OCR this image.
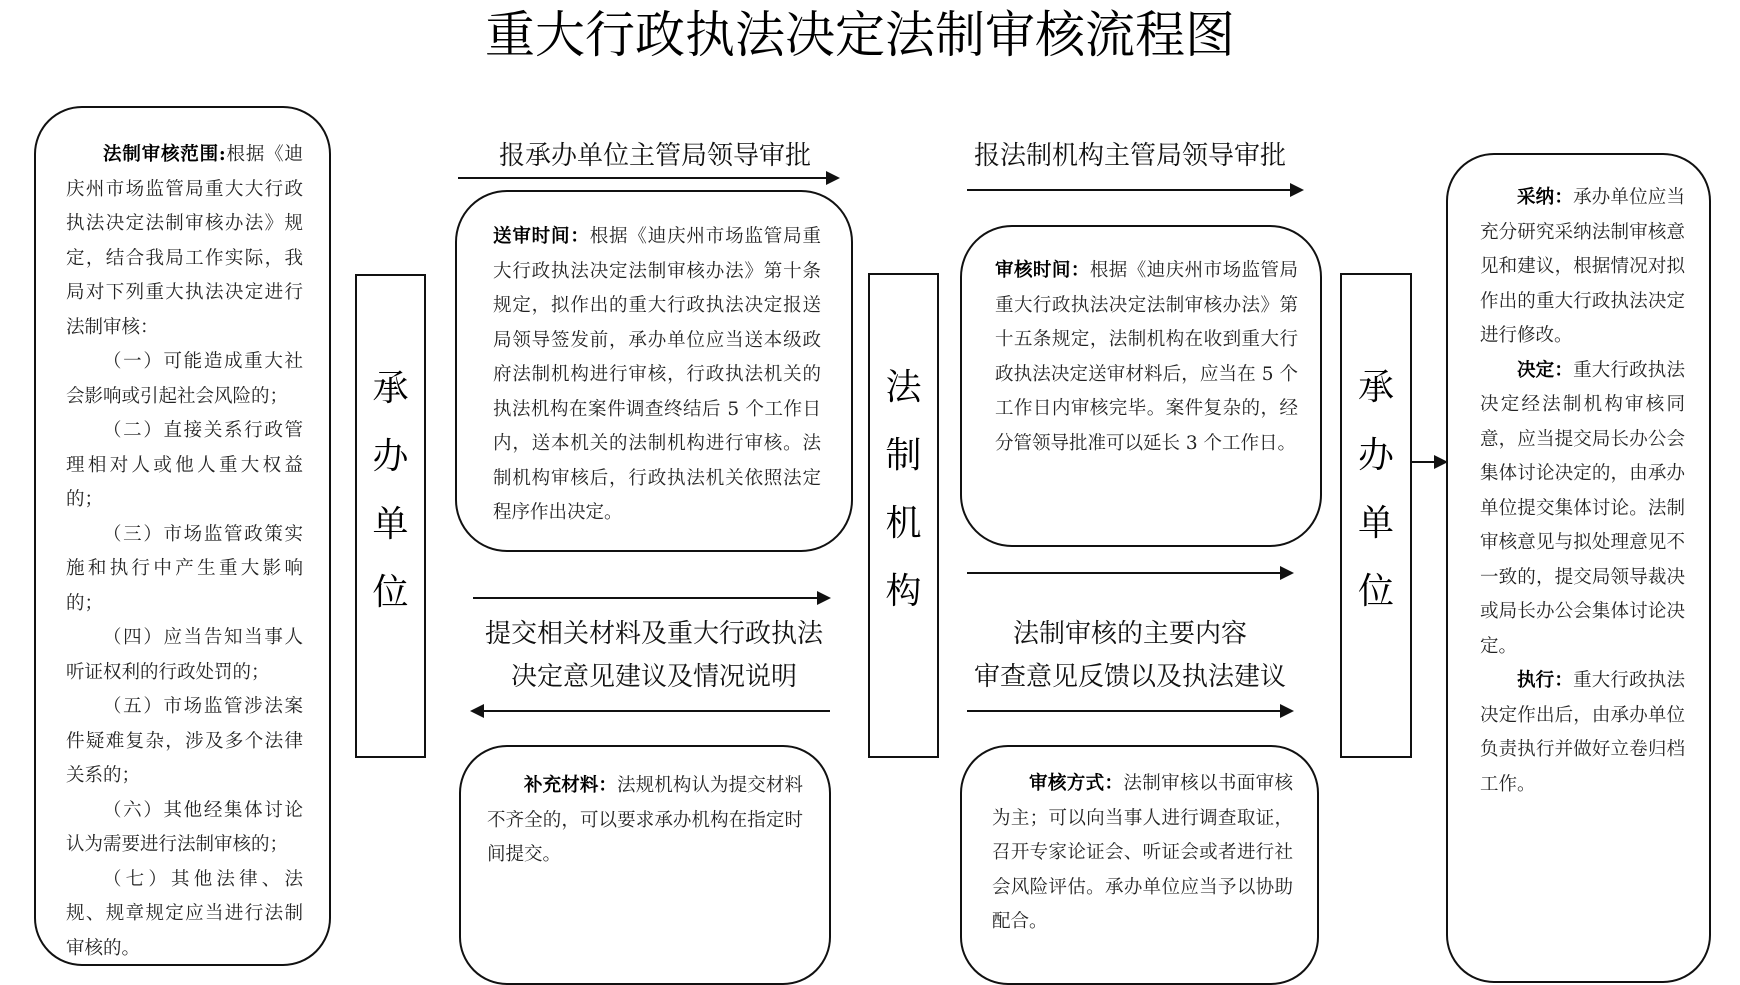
重大行政执法决定法制审核流程图

法制审核范围:根据《迪庆州市场监管局重大大行政执法决定法制审核办法》规定，结合我局工作实际，我局对下列重大执法决定进行法制审核：

（一）可能造成重大社会影响或引起社会风险的；

（二）直接关系行政管理相对人或他人重大权益的；

（三）市场监管政策实施和执行中产生重大影响的；

（四）应当告知当事人听证权利的行政处罚的；

（五）市场监管涉法案件疑难复杂，涉及多个法律关系的；

（六）其他经集体讨论认为需要进行法制审核的；

（七）其他法律、法规、规章规定应当进行法制审核的。

承
办
单
位
报承办单位主管局领导审批

送审时间：根据《迪庆州市场监管局重大行政执法决定法制审核办法》第十条规定，拟作出的重大行政执法决定报送局领导签发前，承办单位应当送本级政府法制机构进行审核，行政执法机关的执法机构在案件调查终结后 5 个工作日内，送本机关的法制机构进行审核。法制机构审核后，行政执法机关依照法定程序作出决定。

提交相关材料及重大行政执法
决定意见建议及情况说明

补充材料：法规机构认为提交材料不齐全的，可以要求承办机构在指定时间提交。

法
制
机
构
报法制机构主管局领导审批

审核时间：根据《迪庆州市场监管局重大行政执法决定法制审核办法》第十五条规定，法制机构在收到重大行政执法决定送审材料后，应当在 5 个工作日内审核完毕。案件复杂的，经分管领导批准可以延长 3 个工作日。

法制审核的主要内容
审查意见反馈以及执法建议

审核方式：法制审核以书面审核为主；可以向当事人进行调查取证，召开专家论证会、听证会或者进行社会风险评估。承办单位应当予以协助配合。

承
办
单
位

采纳：承办单位应当充分研究采纳法制审核意见和建议，根据情况对拟作出的重大行政执法决定进行修改。

决定：重大行政执法决定经法制机构审核同意，应当提交局长办公会集体讨论决定的，由承办单位提交集体讨论。法制审核意见与拟处理意见不一致的，提交局领导裁决或局长办公会集体讨论决定。

执行：重大行政执法决定作出后，由承办单位负责执行并做好立卷归档工作。
